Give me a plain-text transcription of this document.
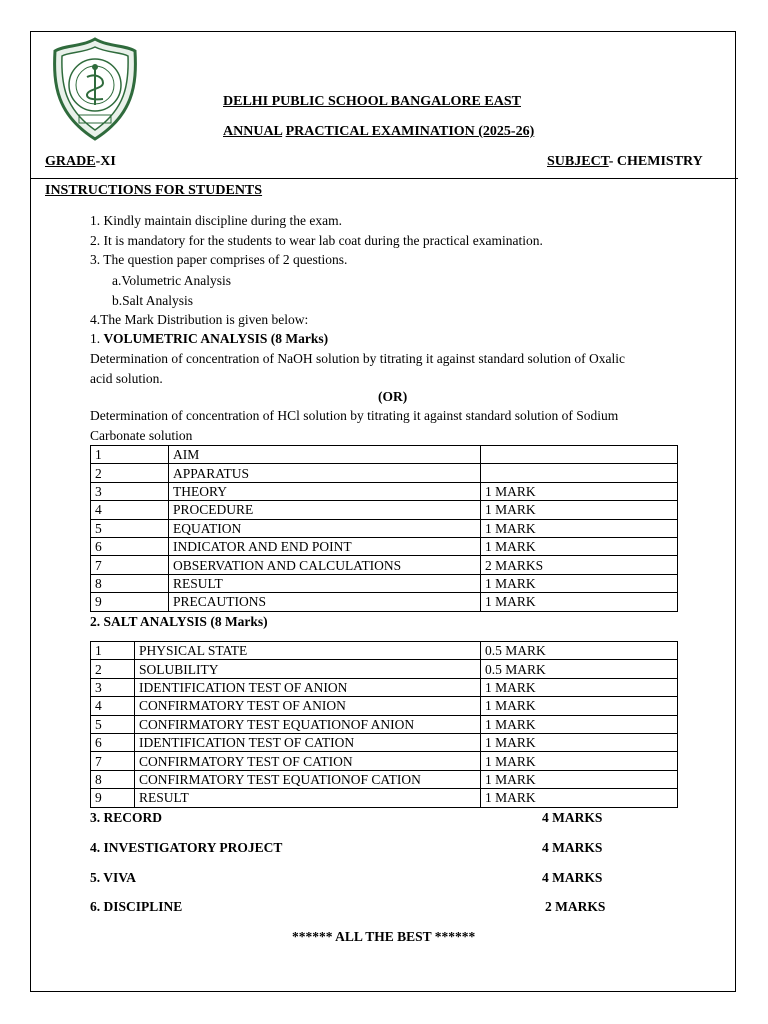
DELHI PUBLIC SCHOOL BANGALORE EAST
ANNUAL PRACTICAL EXAMINATION (2025-26)
GRADE-XI	SUBJECT- CHEMISTRY
INSTRUCTIONS FOR STUDENTS
1. Kindly maintain discipline during the exam.
2. It is mandatory for the students to wear lab coat during the practical examination.
3. The question paper comprises of 2 questions.
a.Volumetric Analysis
b.Salt Analysis
4.The Mark Distribution is given below:
1. VOLUMETRIC ANALYSIS (8 Marks)
Determination of concentration of NaOH solution by titrating it against standard solution of Oxalic
acid solution.
(OR)
Determination of concentration of HCl solution by titrating it against standard solution of Sodium
Carbonate solution
1	AIM	
2	APPARATUS	
3	THEORY	1 MARK
4	PROCEDURE	1 MARK
5	EQUATION	1 MARK
6	INDICATOR AND END POINT	1 MARK
7	OBSERVATION AND CALCULATIONS	2 MARKS
8	RESULT	1 MARK
9	PRECAUTIONS	1 MARK
2. SALT ANALYSIS (8 Marks)
1	PHYSICAL STATE	0.5 MARK
2	SOLUBILITY	0.5 MARK
3	IDENTIFICATION TEST OF ANION	1 MARK
4	CONFIRMATORY TEST OF ANION	1 MARK
5	CONFIRMATORY TEST EQUATIONOF ANION	1 MARK
6	IDENTIFICATION TEST OF CATION	1 MARK
7	CONFIRMATORY TEST OF CATION	1 MARK
8	CONFIRMATORY TEST EQUATIONOF CATION	1 MARK
9	RESULT	1 MARK
3. RECORD	4 MARKS
4. INVESTIGATORY PROJECT	4 MARKS
5. VIVA	4 MARKS
6. DISCIPLINE	2 MARKS
****** ALL THE BEST ******
